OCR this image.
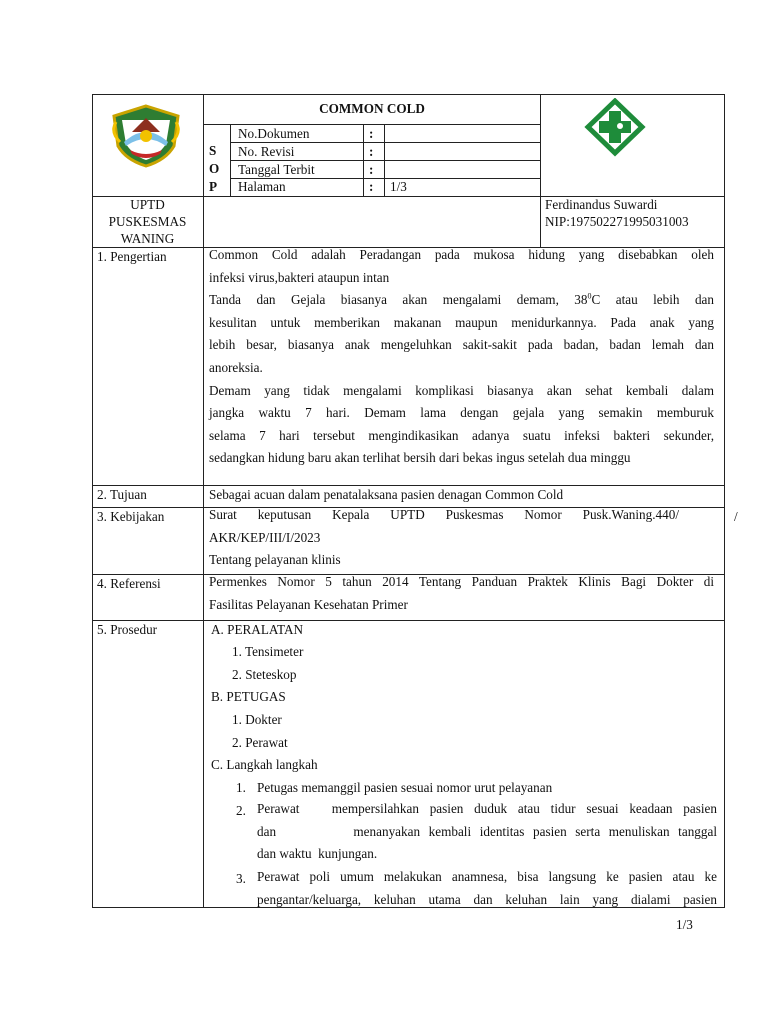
COMMON COLD
S
O
P
No.Dokumen	:
No. Revisi	:
Tanggal Terbit	:
Halaman	: 1/3
UPTD
PUSKESMAS
WANING
Ferdinandus Suwardi
NIP:197502271995031003
1. Pengertian	Common Cold adalah Peradangan pada mukosa hidung yang disebabkan oleh
infeksi virus,bakteri ataupun intan
Tanda dan Gejala biasanya akan mengalami demam, $38^0C$ atau lebih dan
kesulitan untuk memberikan makanan maupun menidurkannya. Pada anak yang
lebih besar, biasanya anak mengeluhkan sakit-sakit pada badan, badan lemah dan
anoreksia.
Demam yang tidak mengalami komplikasi biasanya akan sehat kembali dalam
jangka waktu 7 hari. Demam lama dengan gejala yang semakin memburuk
selama 7 hari tersebut mengindikasikan adanya suatu infeksi bakteri sekunder,
sedangkan hidung baru akan terlihat bersih dari bekas ingus setelah dua minggu
2. Tujuan	Sebagai acuan dalam penatalaksana pasien denagan Common Cold
3. Kebijakan	Surat keputusan Kepala UPTD Puskesmas Nomor Pusk.Waning.440/
AKR/KEP/III/I/2023
Tentang pelayanan klinis
/
4. Referensi	Permenkes Nomor 5 tahun 2014 Tentang Panduan Praktek Klinis Bagi Dokter di
Fasilitas Pelayanan Kesehatan Primer
5. Prosedur	A. PERALATAN
1. Tensimeter
2. Steteskop
B. PETUGAS
1. Dokter
2. Perawat
C. Langkah langkah
1. Petugas memanggil pasien sesuai nomor urut pelayanan
2. Perawat   mempersilahkan pasien duduk atau tidur sesuai keadaan pasien
dan         menanyakan kembali identitas pasien serta menuliskan tanggal
dan waktu  kunjungan.
3. Perawat poli umum melakukan anamnesa, bisa langsung ke pasien atau ke
pengantar/keluarga, keluhan utama dan keluhan lain yang dialami pasien
1/3
